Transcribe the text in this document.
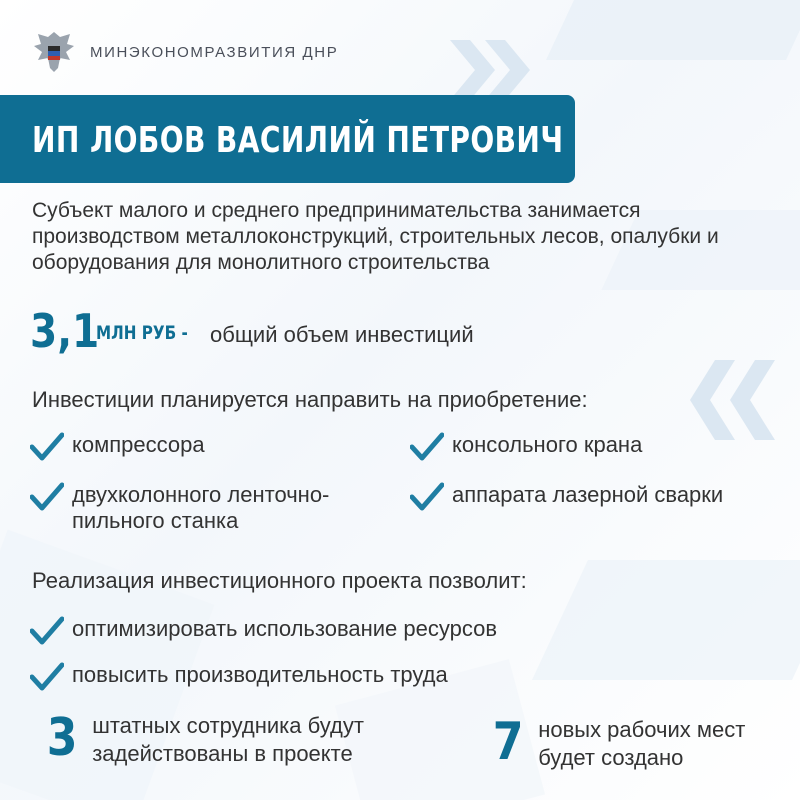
МИНЭКОНОМРАЗВИТИЯ ДНР
ИП ЛОБОВ ВАСИЛИЙ ПЕТРОВИЧ
Субъект малого и среднего предпринимательства занимается производством металлоконструкций, строительных лесов, опалубки и оборудования для монолитного строительства
3,1
МЛН РУБ - общий объем инвестиций
Инвестиции планируется направить на приобретение:
компрессора	консольного крана
двухколонного ленточно-пильного станка
аппарата лазерной сварки
Реализация инвестиционного проекта позволит:
оптимизировать использование ресурсов
повысить производительность труда
3 штатных сотрудника будут
задействованы в проекте	7 новых рабочих мест
будет создано
